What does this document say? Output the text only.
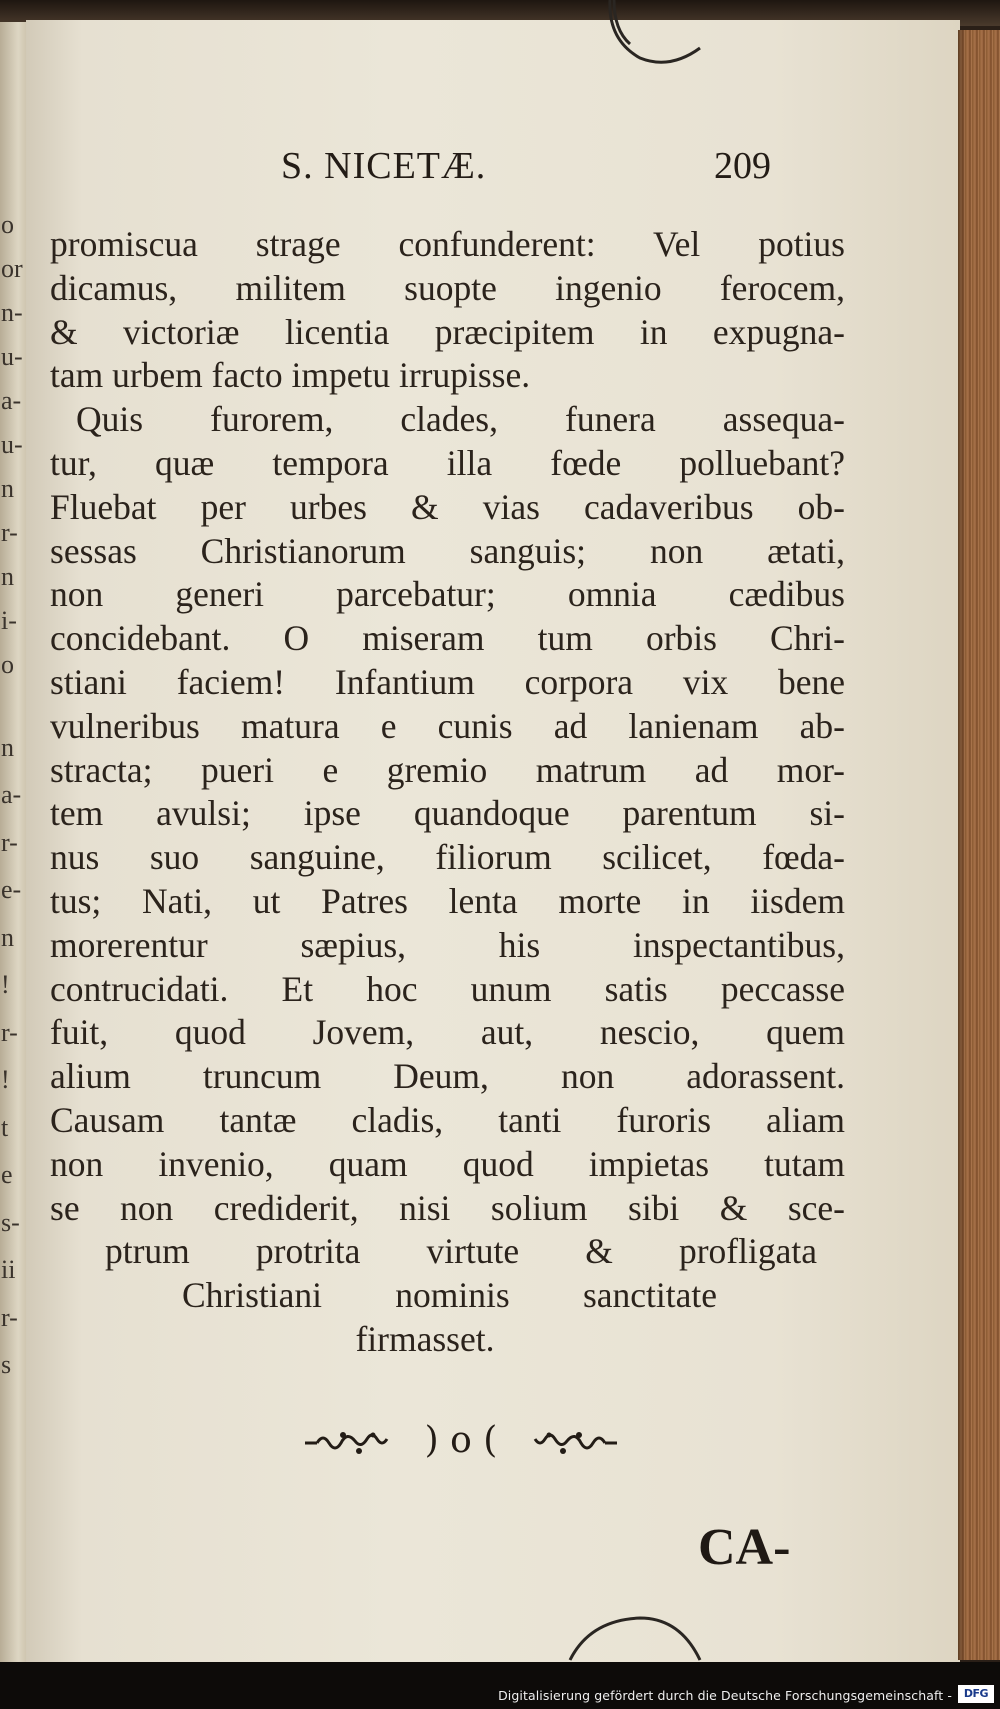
o
or
n-
u-
a-
u-
n
r-
n
i-
o
n
a-
r-
e-
n
!
r-
!
t
e
s-
ii
r-
s
S. NICETÆ.	209
promiscua strage confunderent: Vel potius
dicamus, militem suopte ingenio ferocem,
& victoriæ licentia præcipitem in expugna-
tam urbem facto impetu irrupisse.
Quis furorem, clades, funera assequa-
tur, quæ tempora illa fœde polluebant?
Fluebat per urbes & vias cadaveribus ob-
sessas Christianorum sanguis; non ætati,
non generi parcebatur; omnia cædibus
concidebant. O miseram tum orbis Chri-
stiani faciem! Infantium corpora vix bene
vulneribus matura e cunis ad lanienam ab-
stracta; pueri e gremio matrum ad mor-
tem avulsi; ipse quandoque parentum si-
nus suo sanguine, filiorum scilicet, fœda-
tus; Nati, ut Patres lenta morte in iisdem
morerentur sæpius, his inspectantibus,
contrucidati. Et hoc unum satis peccasse
fuit, quod Jovem, aut, nescio, quem
alium truncum Deum, non adorassent.
Causam tantæ cladis, tanti furoris aliam
non invenio, quam quod impietas tutam
se non crediderit, nisi solium sibi & sce-
ptrum protrita virtute & profligata
Christiani nominis sanctitate
firmasset.
) o (
CA-
Digitalisierung gefördert durch die Deutsche Forschungsgemeinschaft -	DFG
